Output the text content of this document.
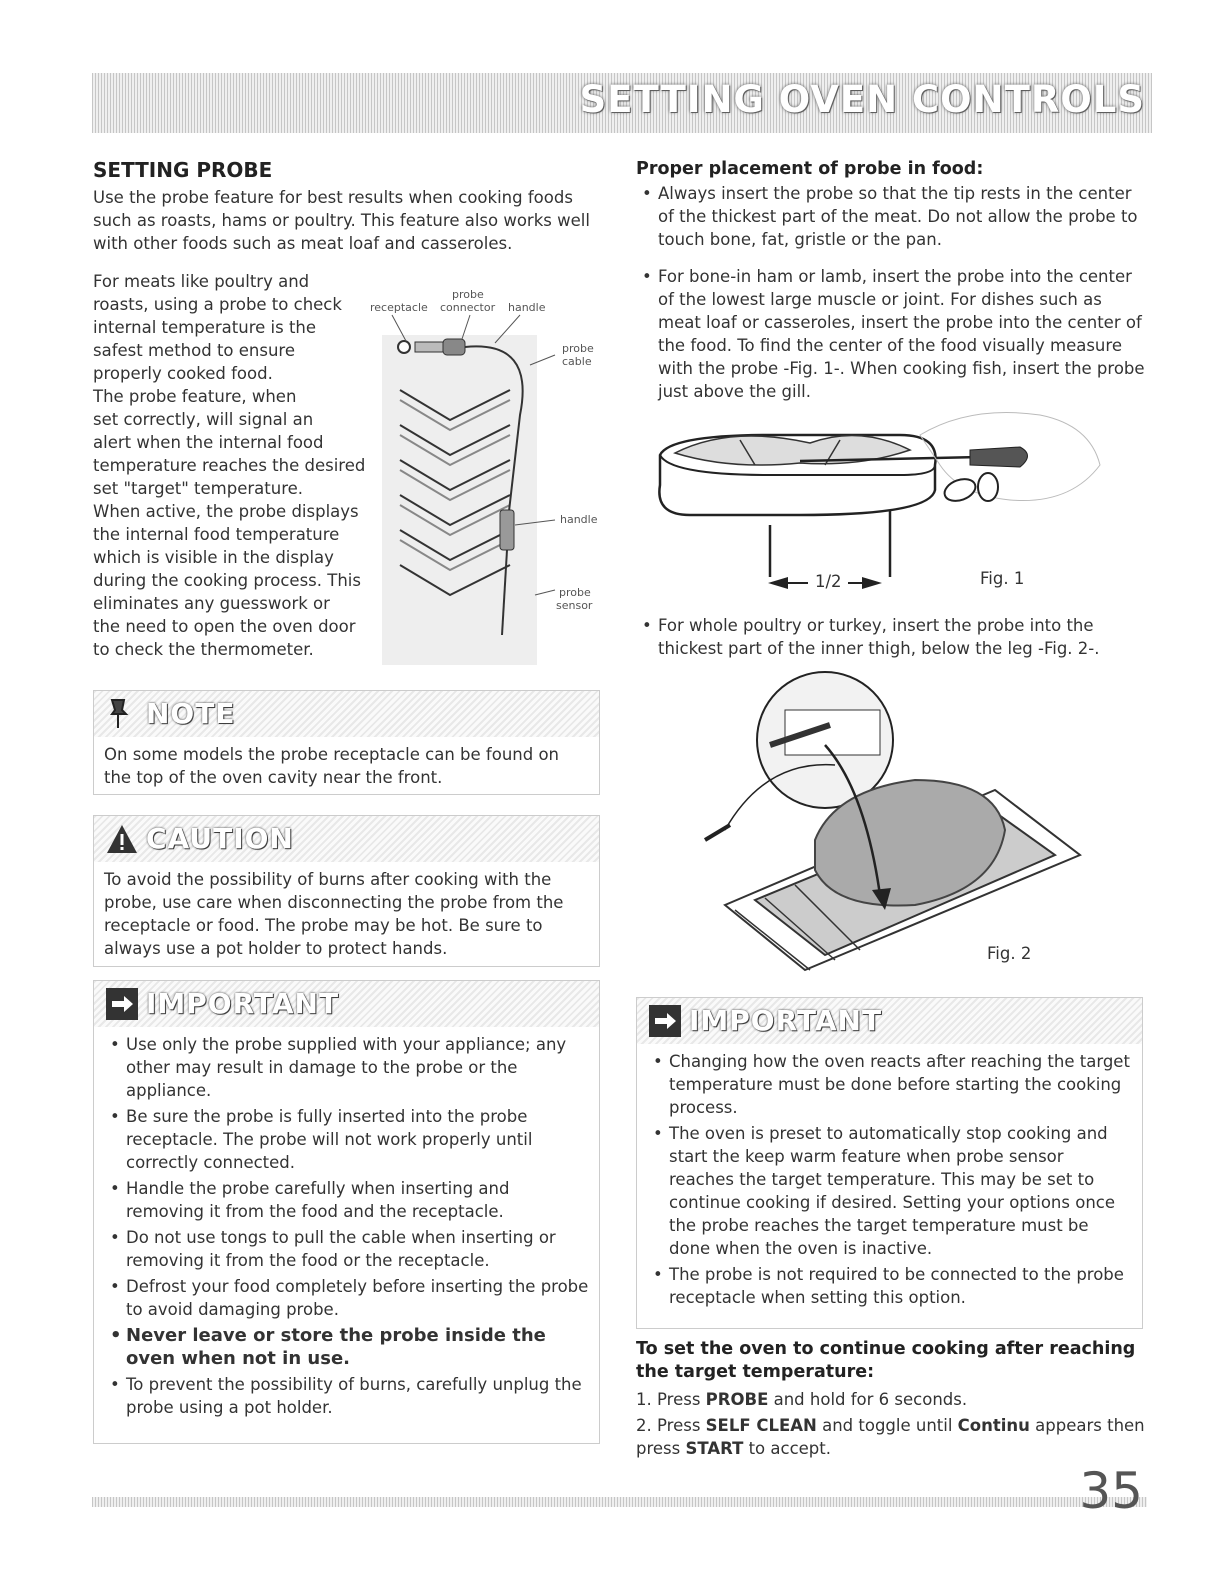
SETTING OVEN CONTROLS
SETTING PROBE
Use the probe feature for best results when cooking foods such as roasts, hams or poultry. This feature also works well with other foods such as meat loaf and casseroles.
For meats like poultry and
roasts, using a probe to check
internal temperature is the
safest method to ensure
properly cooked food.
The probe feature, when
set correctly, will signal an
alert when the internal food
temperature reaches the desired
set "target" temperature.
When active, the probe displays
the internal food temperature
which is visible in the display
during the cooking process. This
eliminates any guesswork or
the need to open the oven door
to check the thermometer.
probe
receptacle connector handle
probe
cable
handle
probe
sensor
NOTE
On some models the probe receptacle can be found on the top of the oven cavity near the front.
CAUTION
To avoid the possibility of burns after cooking with the probe, use care when disconnecting the probe from the receptacle or food. The probe may be hot. Be sure to always use a pot holder to protect hands.
IMPORTANT
• Use only the probe supplied with your appliance; any other may result in damage to the probe or the appliance.
• Be sure the probe is fully inserted into the probe receptacle. The probe will not work properly until correctly connected.
• Handle the probe carefully when inserting and removing it from the food and the receptacle.
• Do not use tongs to pull the cable when inserting or removing it from the food or the receptacle.
• Defrost your food completely before inserting the probe to avoid damaging probe.
• Never leave or store the probe inside the oven when not in use.
• To prevent the possibility of burns, carefully unplug the probe using a pot holder.
Proper placement of probe in food:
• Always insert the probe so that the tip rests in the center of the thickest part of the meat. Do not allow the probe to touch bone, fat, gristle or the pan.
• For bone-in ham or lamb, insert the probe into the center of the lowest large muscle or joint. For dishes such as meat loaf or casseroles, insert the probe into the center of the food. To find the center of the food visually measure with the probe -Fig. 1-. When cooking fish, insert the probe just above the gill.
1/2	Fig. 1
• For whole poultry or turkey, insert the probe into the thickest part of the inner thigh, below the leg -Fig. 2-.
Fig. 2
IMPORTANT
• Changing how the oven reacts after reaching the target temperature must be done before starting the cooking process.
• The oven is preset to automatically stop cooking and start the keep warm feature when probe sensor reaches the target temperature. This may be set to continue cooking if desired. Setting your options once the probe reaches the target temperature must be done when the oven is inactive.
• The probe is not required to be connected to the probe receptacle when setting this option.
To set the oven to continue cooking after reaching the target temperature:
1. Press PROBE and hold for 6 seconds.
2. Press SELF CLEAN and toggle until Continu appears then press START to accept.
35
